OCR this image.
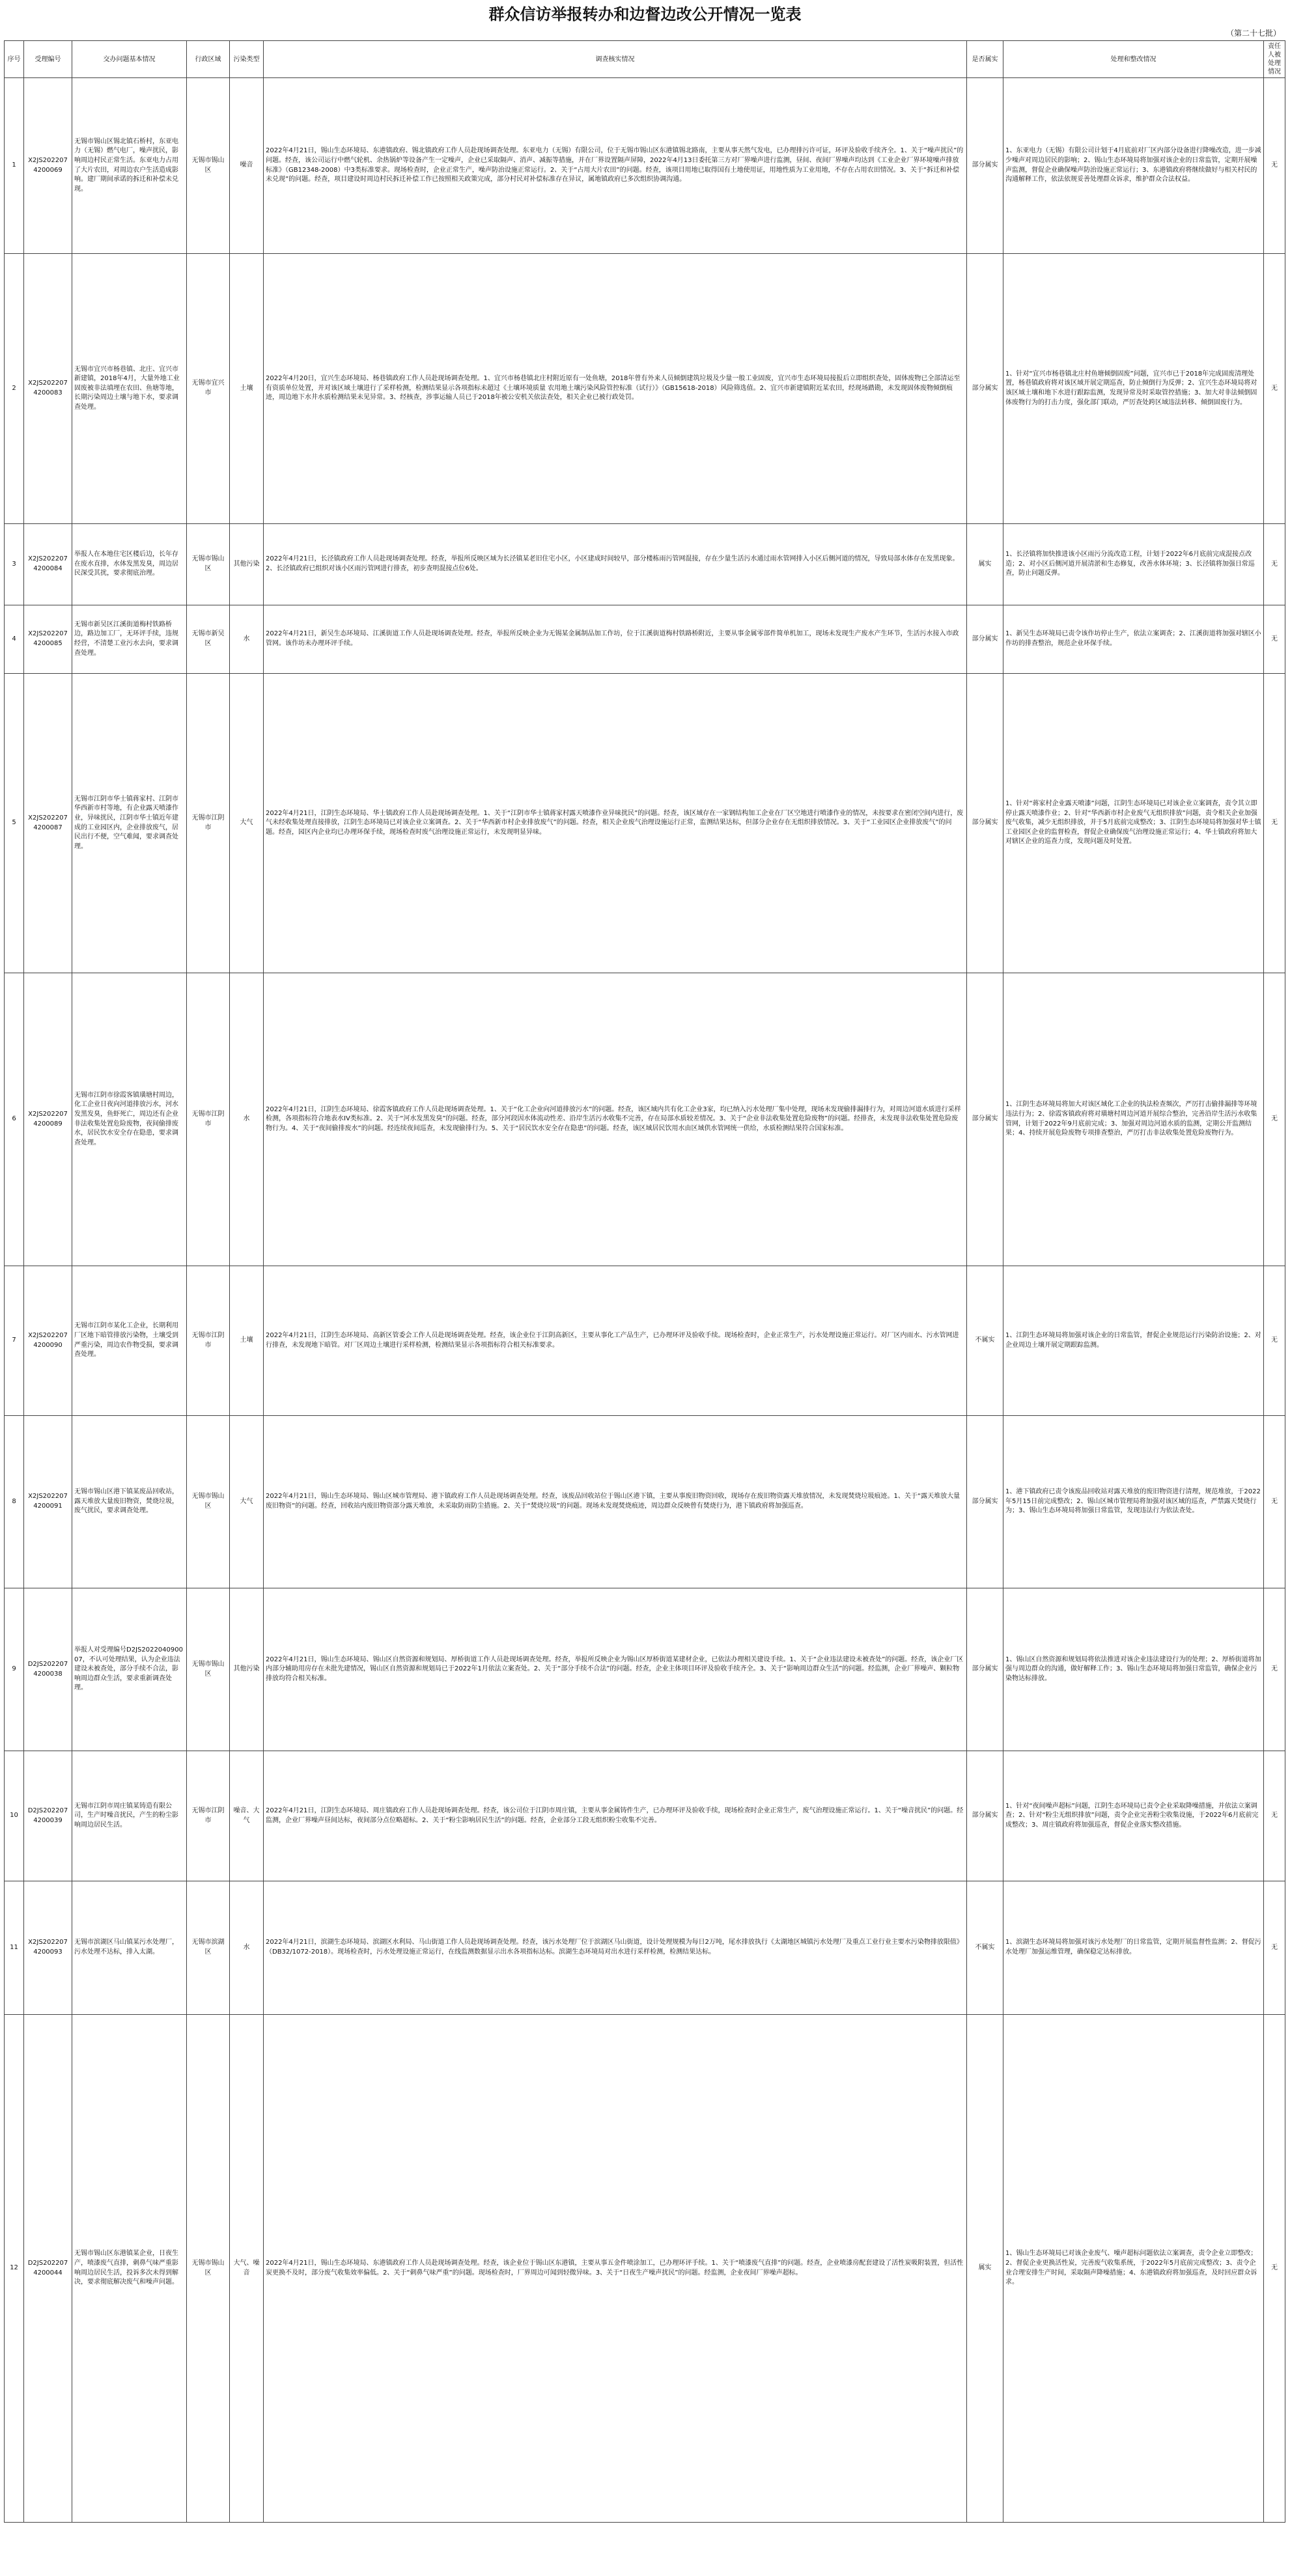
群众信访举报转办和边督边改公开情况一览表
（第二十七批）
序号	受理编号	交办问题基本情况	行政区域	污染类型	调查核实情况	是否属实	处理和整改情况	责任人被处理情况
1	X2JS202207 4200069	无锡市锡山区锡北镇石桥村，东亚电力（无锡）燃气电厂，噪声扰民，影响周边村民正常生活。东亚电力占用了大片农田，对周边农户生活造成影响。建厂期间承诺的拆迁和补偿未兑现。	无锡市锡山区	噪音	2022年4月21日，锡山生态环境局、东港镇政府、锡北镇政府工作人员赴现场调查处理。东亚电力（无锡）有限公司，位于无锡市锡山区东港镇锡北路南，主要从事天然气发电，已办理排污许可证，环评及验收手续齐全。1、关于“噪声扰民”的问题。经查，该公司运行中燃气轮机、余热锅炉等设备产生一定噪声，企业已采取隔声、消声、减振等措施，并在厂界设置隔声屏障，2022年4月13日委托第三方对厂界噪声进行监测，昼间、夜间厂界噪声均达到《工业企业厂界环境噪声排放标准》（GB12348-2008）中3类标准要求。现场检查时，企业正常生产，噪声防治设施正常运行。2、关于“占用大片农田”的问题。经查，该项目用地已取得国有土地使用证，用地性质为工业用地，不存在占用农田情况。3、关于“拆迁和补偿未兑现”的问题。经查，项目建设时周边村民拆迁补偿工作已按照相关政策完成，部分村民对补偿标准存在异议，属地镇政府已多次组织协调沟通。	部分属实	1、东亚电力（无锡）有限公司计划于4月底前对厂区内部分设备进行降噪改造，进一步减少噪声对周边居民的影响；2、锡山生态环境局将加强对该企业的日常监管，定期开展噪声监测，督促企业确保噪声防治设施正常运行；3、东港镇政府将继续做好与相关村民的沟通解释工作，依法依规妥善处理群众诉求，维护群众合法权益。	无
2	X2JS202207 4200083	无锡市宜兴市杨巷镇、北庄、宜兴市新建镇，2018年4月，大量外地工业固废被非法填埋在农田、鱼塘等地，长期污染周边土壤与地下水，要求调查处理。	无锡市宜兴市	土壤	2022年4月20日，宜兴生态环境局、杨巷镇政府工作人员赴现场调查处理。1、宜兴市杨巷镇北庄村附近原有一处鱼塘，2018年曾有外来人员倾倒建筑垃圾及少量一般工业固废，宜兴市生态环境局接报后立即组织查处，固体废物已全部清运至有资质单位处置，并对该区域土壤进行了采样检测，检测结果显示各项指标未超过《土壤环境质量 农用地土壤污染风险管控标准（试行）》（GB15618-2018）风险筛选值。2、宜兴市新建镇附近某农田，经现场踏勘，未发现固体废物倾倒痕迹，周边地下水井水质检测结果未见异常。3、经核查，涉事运输人员已于2018年被公安机关依法查处，相关企业已被行政处罚。	部分属实	1、针对“宜兴市杨巷镇北庄村鱼塘倾倒固废”问题，宜兴市已于2018年完成固废清理处置，杨巷镇政府将对该区域开展定期巡查，防止倾倒行为反弹；2、宜兴生态环境局将对该区域土壤和地下水进行跟踪监测，发现异常及时采取管控措施；3、加大对非法倾倒固体废物行为的打击力度，强化部门联动，严厉查处跨区域违法转移、倾倒固废行为。	无
3	X2JS202207 4200084	举报人在本地住宅区楼后边，长年存在废水直排，水体发黑发臭，周边居民深受其扰，要求彻底治理。	无锡市锡山区	其他污染	2022年4月21日，长泾镇政府工作人员赴现场调查处理。经查，举报所反映区域为长泾镇某老旧住宅小区，小区建成时间较早，部分楼栋雨污管网混接，存在少量生活污水通过雨水管网排入小区后侧河道的情况，导致局部水体存在发黑现象。2、长泾镇政府已组织对该小区雨污管网进行排查，初步查明混接点位6处。	属实	1、长泾镇将加快推进该小区雨污分流改造工程，计划于2022年6月底前完成混接点改造；2、对小区后侧河道开展清淤和生态修复，改善水体环境；3、长泾镇将加强日常巡查，防止问题反弹。	无
4	X2JS202207 4200085	无锡市新吴区江溪街道梅村铁路桥边，路边加工厂，无环评手续，违规经营，不清楚工业污水去向，要求调查处理。	无锡市新吴区	水	2022年4月21日，新吴生态环境局、江溪街道工作人员赴现场调查处理。经查，举报所反映企业为无锡某金属制品加工作坊，位于江溪街道梅村铁路桥附近，主要从事金属零部件简单机加工，现场未发现生产废水产生环节，生活污水接入市政管网。该作坊未办理环评手续。	部分属实	1、新吴生态环境局已责令该作坊停止生产，依法立案调查；2、江溪街道将加强对辖区小作坊的排查整治，规范企业环保手续。	无
5	X2JS202207 4200087	无锡市江阴市华士镇蒋家村、江阴市华西新市村等地，有企业露天喷漆作业，异味扰民，江阴市华士镇近年建成的工业园区内，企业排放废气，居民出行不便，空气难闻，要求调查处理。	无锡市江阴市	大气	2022年4月21日，江阴生态环境局、华士镇政府工作人员赴现场调查处理。1、关于“江阴市华士镇蒋家村露天喷漆作业异味扰民”的问题。经查，该区域存在一家钢结构加工企业在厂区空地进行喷漆作业的情况，未按要求在密闭空间内进行，废气未经收集处理直接排放，江阴生态环境局已对该企业立案调查。2、关于“华西新市村企业排放废气”的问题。经查，相关企业废气治理设施运行正常，监测结果达标，但部分企业存在无组织排放情况。3、关于“工业园区企业排放废气”的问题。经查，园区内企业均已办理环保手续，现场检查时废气治理设施正常运行，未发现明显异味。	部分属实	1、针对“蒋家村企业露天喷漆”问题，江阴生态环境局已对该企业立案调查，责令其立即停止露天喷漆作业；2、针对“华西新市村企业废气无组织排放”问题，责令相关企业加强废气收集，减少无组织排放，并于5月底前完成整改；3、江阴生态环境局将加强对华士镇工业园区企业的监督检查，督促企业确保废气治理设施正常运行；4、华士镇政府将加大对辖区企业的巡查力度，发现问题及时处置。	无
6	X2JS202207 4200089	无锡市江阴市徐霞客镇璜塘村周边，化工企业日夜向河道排放污水，河水发黑发臭，鱼虾死亡，周边还有企业非法收集处置危险废物，夜间偷排废水，居民饮水安全存在隐患，要求调查处理。	无锡市江阴市	水	2022年4月21日，江阴生态环境局、徐霞客镇政府工作人员赴现场调查处理。1、关于“化工企业向河道排放污水”的问题。经查，该区域内共有化工企业3家，均已纳入污水处理厂集中处理，现场未发现偷排漏排行为，对周边河道水质进行采样检测，各项指标符合地表水IV类标准。2、关于“河水发黑发臭”的问题。经查，部分河段因水体流动性差、沿岸生活污水收集不完善，存在局部水质较差情况。3、关于“企业非法收集处置危险废物”的问题。经排查，未发现非法收集处置危险废物行为。4、关于“夜间偷排废水”的问题。经连续夜间巡查，未发现偷排行为。5、关于“居民饮水安全存在隐患”的问题。经查，该区域居民饮用水由区域供水管网统一供给，水质检测结果符合国家标准。	部分属实	1、江阴生态环境局将加大对该区域化工企业的执法检查频次，严厉打击偷排漏排等环境违法行为；2、徐霞客镇政府将对璜塘村周边河道开展综合整治，完善沿岸生活污水收集管网，计划于2022年9月底前完成；3、加强对周边河道水质的监测，定期公开监测结果；4、持续开展危险废物专项排查整治，严厉打击非法收集处置危险废物行为。	无
7	X2JS202207 4200090	无锡市江阴市某化工企业，长期利用厂区地下暗管排放污染物，土壤受到严重污染，周边农作物受损，要求调查处理。	无锡市江阴市	土壤	2022年4月21日，江阴生态环境局、高新区管委会工作人员赴现场调查处理。经查，该企业位于江阴高新区，主要从事化工产品生产，已办理环评及验收手续。现场检查时，企业正常生产，污水处理设施正常运行。对厂区内雨水、污水管网进行排查，未发现地下暗管。对厂区周边土壤进行采样检测，检测结果显示各项指标符合相关标准要求。	不属实	1、江阴生态环境局将加强对该企业的日常监管，督促企业规范运行污染防治设施；2、对企业周边土壤开展定期跟踪监测。	无
8	X2JS202207 4200091	无锡市锡山区港下镇某废品回收站，露天堆放大量废旧物资，焚烧垃圾，废气扰民，要求调查处理。	无锡市锡山区	大气	2022年4月21日，锡山生态环境局、锡山区城市管理局、港下镇政府工作人员赴现场调查处理。经查，该废品回收站位于锡山区港下镇，主要从事废旧物资回收，现场存在废旧物资露天堆放情况，未发现焚烧垃圾痕迹。1、关于“露天堆放大量废旧物资”的问题。经查，回收站内废旧物资部分露天堆放，未采取防雨防尘措施。2、关于“焚烧垃圾”的问题。现场未发现焚烧痕迹，周边群众反映曾有焚烧行为，港下镇政府将加强巡查。	部分属实	1、港下镇政府已责令该废品回收站对露天堆放的废旧物资进行清理，规范堆放，于2022年5月15日前完成整改；2、锡山区城市管理局将加强对该区域的巡查，严禁露天焚烧行为；3、锡山生态环境局将加强日常监管，发现违法行为依法查处。	无
9	D2JS202207 4200038	举报人对受理编号D2JS202204090007，不认可处理结果，认为企业违法建设未被查处，部分手续不合法，影响周边群众生活，要求重新调查处理。	无锡市锡山区	其他污染	2022年4月21日，锡山生态环境局、锡山区自然资源和规划局、厚桥街道工作人员赴现场调查处理。经查，举报所反映企业为锡山区厚桥街道某建材企业，已依法办理相关建设手续。1、关于“企业违法建设未被查处”的问题。经查，该企业厂区内部分辅助用房存在未批先建情况，锡山区自然资源和规划局已于2022年1月依法立案查处。2、关于“部分手续不合法”的问题。经查，企业主体项目环评及验收手续齐全。3、关于“影响周边群众生活”的问题。经监测，企业厂界噪声、颗粒物排放均符合相关标准。	部分属实	1、锡山区自然资源和规划局将依法推进对该企业违法建设行为的处理；2、厚桥街道将加强与周边群众的沟通，做好解释工作；3、锡山生态环境局将加强日常监管，确保企业污染物达标排放。	无
10	D2JS202207 4200039	无锡市江阴市周庄镇某铸造有限公司，生产时噪音扰民，产生的粉尘影响周边居民生活。	无锡市江阴市	噪音、大气	2022年4月21日，江阴生态环境局、周庄镇政府工作人员赴现场调查处理。经查，该公司位于江阴市周庄镇，主要从事金属铸件生产，已办理环评及验收手续，现场检查时企业正常生产，废气治理设施正常运行。1、关于“噪音扰民”的问题。经监测，企业厂界噪声昼间达标，夜间部分点位略超标。2、关于“粉尘影响居民生活”的问题。经查，企业部分工段无组织粉尘收集不完善。	部分属实	1、针对“夜间噪声超标”问题，江阴生态环境局已责令企业采取降噪措施，并依法立案调查；2、针对“粉尘无组织排放”问题，责令企业完善粉尘收集设施，于2022年6月底前完成整改；3、周庄镇政府将加强巡查，督促企业落实整改措施。	无
11	X2JS202207 4200093	无锡市滨湖区马山镇某污水处理厂，污水处理不达标，排入太湖。	无锡市滨湖区	水	2022年4月21日，滨湖生态环境局、滨湖区水利局、马山街道工作人员赴现场调查处理。经查，该污水处理厂位于滨湖区马山街道，设计处理规模为每日2万吨，尾水排放执行《太湖地区城镇污水处理厂及重点工业行业主要水污染物排放限值》（DB32/1072-2018）。现场检查时，污水处理设施正常运行，在线监测数据显示出水各项指标达标。滨湖生态环境局对出水进行采样检测，检测结果达标。	不属实	1、滨湖生态环境局将加强对该污水处理厂的日常监管，定期开展监督性监测；2、督促污水处理厂加强运维管理，确保稳定达标排放。	无
12	D2JS202207 4200044	无锡市锡山区东港镇某企业，日夜生产，喷漆废气直排，刺鼻气味严重影响周边居民生活，投诉多次未得到解决，要求彻底解决废气和噪声问题。	无锡市锡山区	大气、噪音	2022年4月21日，锡山生态环境局、东港镇政府工作人员赴现场调查处理。经查，该企业位于锡山区东港镇，主要从事五金件喷涂加工，已办理环评手续。1、关于“喷漆废气直排”的问题。经查，企业喷漆房配套建设了活性炭吸附装置，但活性炭更换不及时，部分废气收集效率偏低。2、关于“刺鼻气味严重”的问题。现场检查时，厂界周边可闻到轻微异味。3、关于“日夜生产噪声扰民”的问题。经监测，企业夜间厂界噪声超标。	属实	1、锡山生态环境局已对该企业废气、噪声超标问题依法立案调查，责令企业立即整改；2、督促企业更换活性炭，完善废气收集系统，于2022年5月底前完成整改；3、责令企业合理安排生产时间，采取隔声降噪措施；4、东港镇政府将加强巡查，及时回应群众诉求。	无
